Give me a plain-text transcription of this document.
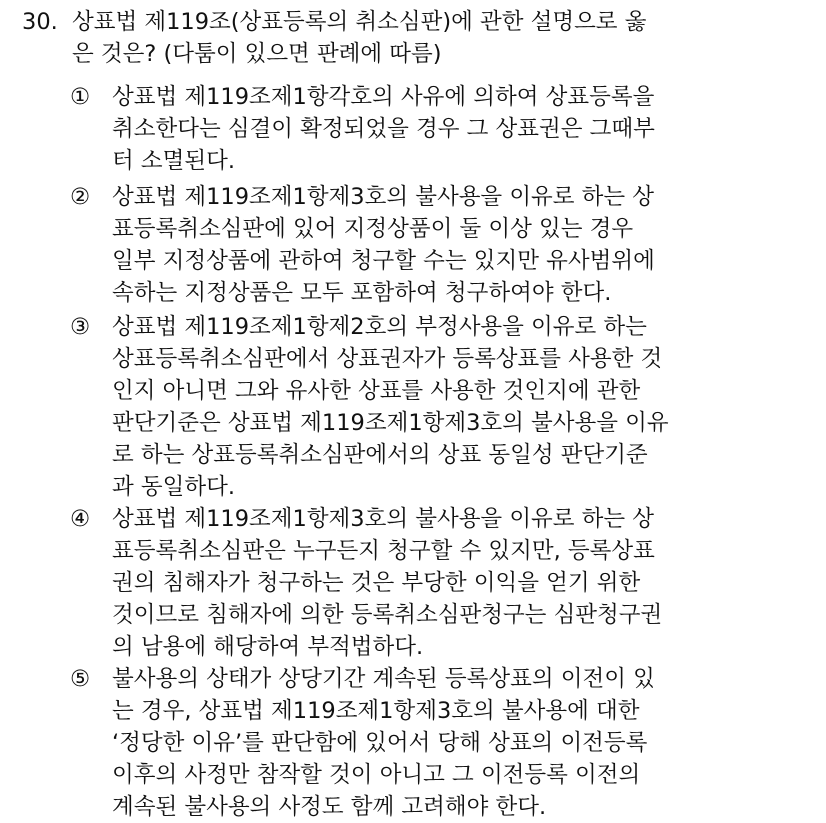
30. 상표법 제119조(상표등록의 취소심판)에 관한 설명으로 옳
은 것은? (다툼이 있으면 판례에 따름)
① 상표법 제119조제1항각호의 사유에 의하여 상표등록을
취소한다는 심결이 확정되었을 경우 그 상표권은 그때부
터 소멸된다.
② 상표법 제119조제1항제3호의 불사용을 이유로 하는 상
표등록취소심판에 있어 지정상품이 둘 이상 있는 경우
일부 지정상품에 관하여 청구할 수는 있지만 유사범위에
속하는 지정상품은 모두 포함하여 청구하여야 한다.
③ 상표법 제119조제1항제2호의 부정사용을 이유로 하는
상표등록취소심판에서 상표권자가 등록상표를 사용한 것
인지 아니면 그와 유사한 상표를 사용한 것인지에 관한
판단기준은 상표법 제119조제1항제3호의 불사용을 이유
로 하는 상표등록취소심판에서의 상표 동일성 판단기준
과 동일하다.
④ 상표법 제119조제1항제3호의 불사용을 이유로 하는 상
표등록취소심판은 누구든지 청구할 수 있지만, 등록상표
권의 침해자가 청구하는 것은 부당한 이익을 얻기 위한
것이므로 침해자에 의한 등록취소심판청구는 심판청구권
의 남용에 해당하여 부적법하다.
⑤ 불사용의 상태가 상당기간 계속된 등록상표의 이전이 있
는 경우, 상표법 제119조제1항제3호의 불사용에 대한
‘정당한 이유’를 판단함에 있어서 당해 상표의 이전등록
이후의 사정만 참작할 것이 아니고 그 이전등록 이전의
계속된 불사용의 사정도 함께 고려해야 한다.
